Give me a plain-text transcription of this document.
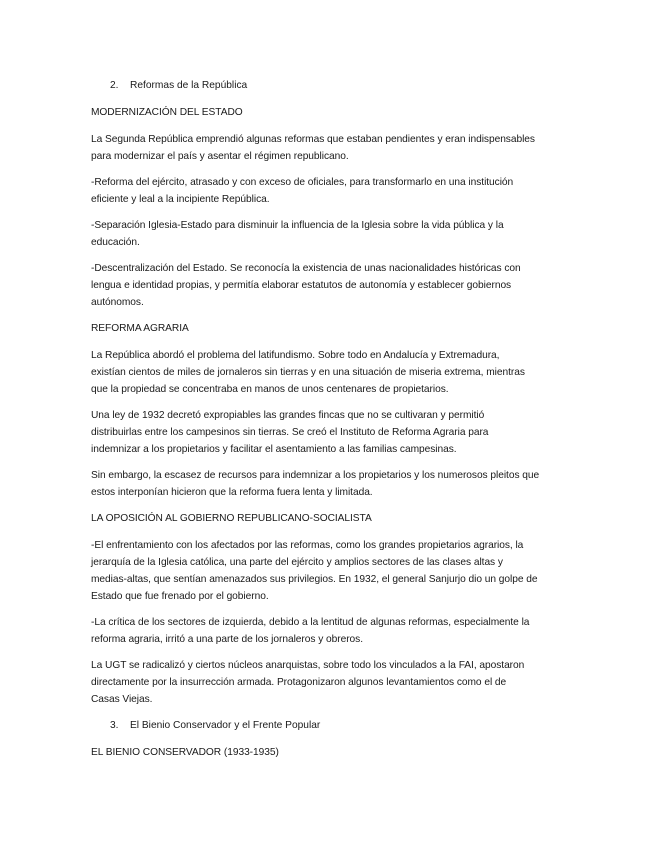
2. Reformas de la República
MODERNIZACIÓN DEL ESTADO
La Segunda República emprendió algunas reformas que estaban pendientes y eran indispensables
para modernizar el país y asentar el régimen republicano.
-Reforma del ejército, atrasado y con exceso de oficiales, para transformarlo en una institución
eficiente y leal a la incipiente República.
-Separación Iglesia-Estado para disminuir la influencia de la Iglesia sobre la vida pública y la
educación.
-Descentralización del Estado. Se reconocía la existencia de unas nacionalidades históricas con
lengua e identidad propias, y permitía elaborar estatutos de autonomía y establecer gobiernos
autónomos.
REFORMA AGRARIA
La República abordó el problema del latifundismo. Sobre todo en Andalucía y Extremadura,
existían cientos de miles de jornaleros sin tierras y en una situación de miseria extrema, mientras
que la propiedad se concentraba en manos de unos centenares de propietarios.
Una ley de 1932 decretó expropiables las grandes fincas que no se cultivaran y permitió
distribuirlas entre los campesinos sin tierras. Se creó el Instituto de Reforma Agraria para
indemnizar a los propietarios y facilitar el asentamiento a las familias campesinas.
Sin embargo, la escasez de recursos para indemnizar a los propietarios y los numerosos pleitos que
estos interponían hicieron que la reforma fuera lenta y limitada.
LA OPOSICIÓN AL GOBIERNO REPUBLICANO-SOCIALISTA
-El enfrentamiento con los afectados por las reformas, como los grandes propietarios agrarios, la
jerarquía de la Iglesia católica, una parte del ejército y amplios sectores de las clases altas y
medias-altas, que sentían amenazados sus privilegios. En 1932, el general Sanjurjo dio un golpe de
Estado que fue frenado por el gobierno.
-La crítica de los sectores de izquierda, debido a la lentitud de algunas reformas, especialmente la
reforma agraria, irritó a una parte de los jornaleros y obreros.
La UGT se radicalizó y ciertos núcleos anarquistas, sobre todo los vinculados a la FAI, apostaron
directamente por la insurrección armada. Protagonizaron algunos levantamientos como el de
Casas Viejas.
3. El Bienio Conservador y el Frente Popular
EL BIENIO CONSERVADOR (1933-1935)
